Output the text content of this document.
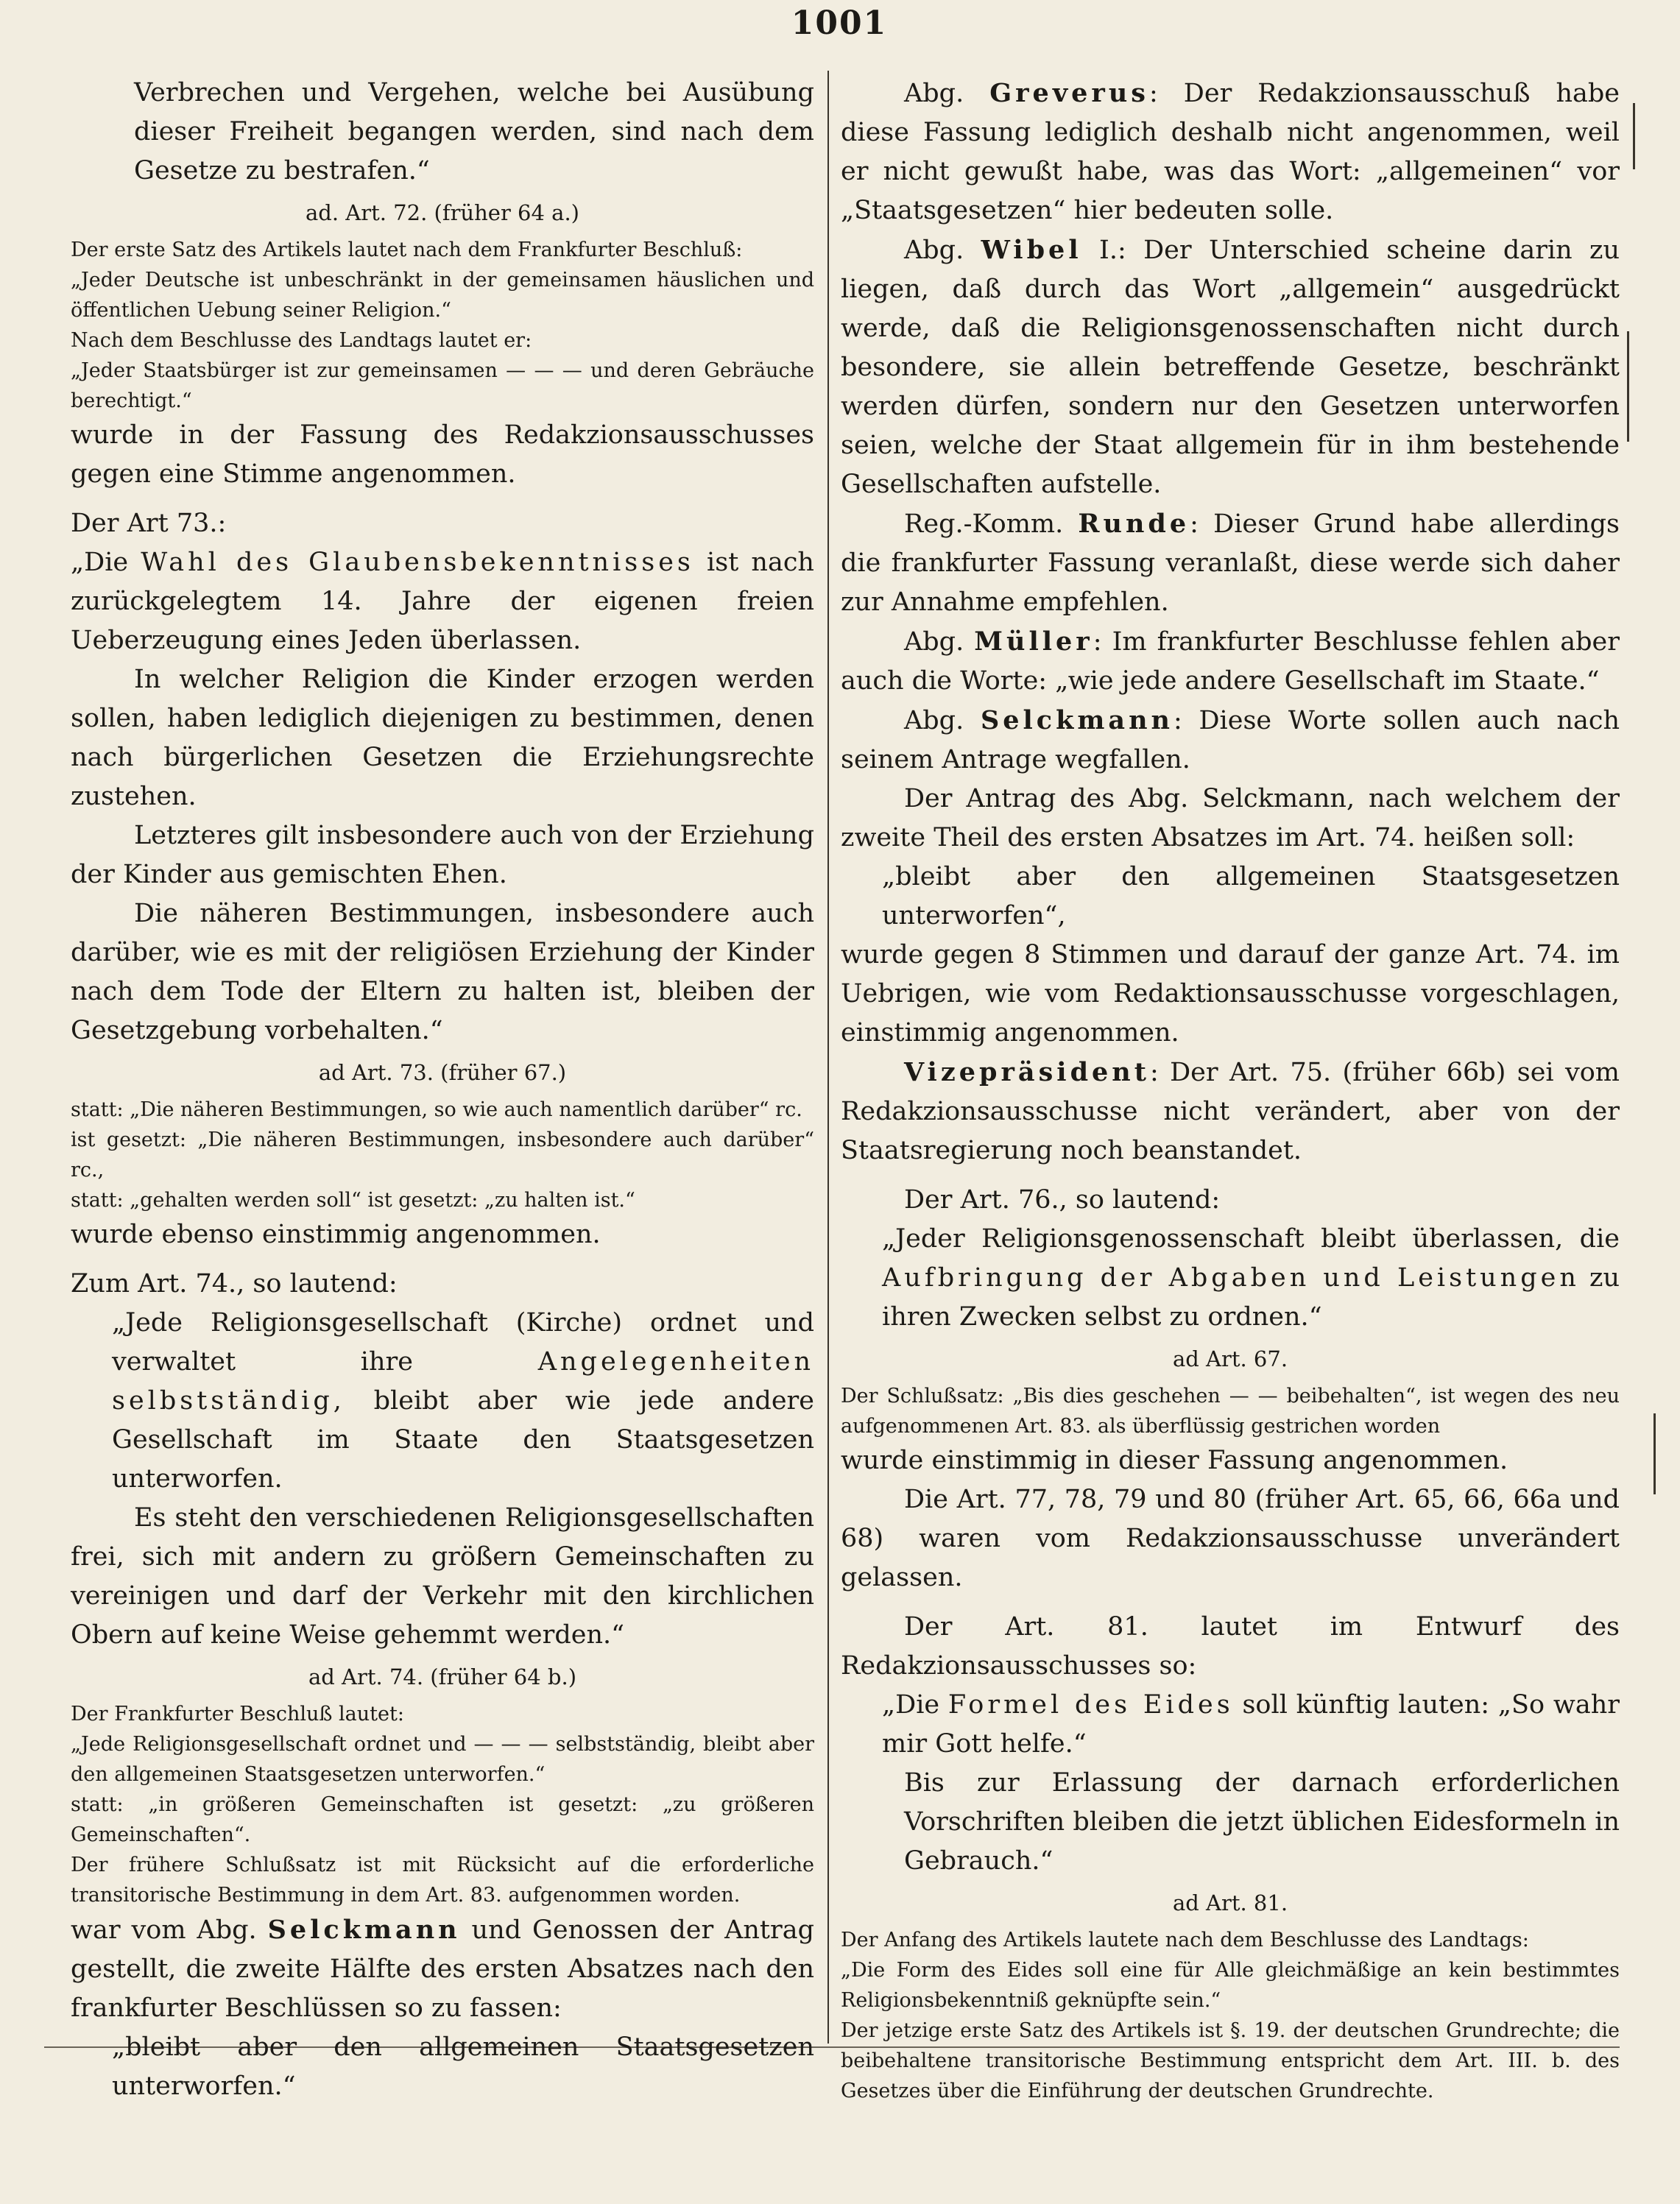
1001

Verbrechen und Vergehen, welche bei Ausübung dieser Freiheit begangen werden, sind nach dem Gesetze zu bestrafen.“

ad. Art. 72. (früher 64 a.)

Der erste Satz des Artikels lautet nach dem Frankfurter Beschluß:

„Jeder Deutsche ist unbeschränkt in der gemeinsamen häuslichen und öffentlichen Uebung seiner Religion.“

Nach dem Beschlusse des Landtags lautet er:

„Jeder Staatsbürger ist zur gemeinsamen — — — und deren Gebräuche berechtigt.“

wurde in der Fassung des Redakzionsausschusses gegen eine Stimme angenommen.

Der Art 73.:

„Die Wahl des Glaubensbekenntnisses ist nach zurückgelegtem 14. Jahre der eigenen freien Ueberzeugung eines Jeden überlassen.

In welcher Religion die Kinder erzogen werden sollen, haben lediglich diejenigen zu bestimmen, denen nach bürgerlichen Gesetzen die Erziehungsrechte zustehen.

Letzteres gilt insbesondere auch von der Erziehung der Kinder aus gemischten Ehen.

Die näheren Bestimmungen, insbesondere auch darüber, wie es mit der religiösen Erziehung der Kinder nach dem Tode der Eltern zu halten ist, bleiben der Gesetzgebung vorbehalten.“

ad Art. 73. (früher 67.)

statt: „Die näheren Bestimmungen, so wie auch namentlich darüber“ rc.

ist gesetzt: „Die näheren Bestimmungen, insbesondere auch darüber“ rc.,

statt: „gehalten werden soll“ ist gesetzt: „zu halten ist.“

wurde ebenso einstimmig angenommen.

Zum Art. 74., so lautend:

„Jede Religionsgesellschaft (Kirche) ordnet und verwaltet ihre	Angelegenheiten selbstständig, bleibt aber wie jede andere Gesellschaft im Staate den Staatsgesetzen unterworfen.

Es steht den verschiedenen Religionsgesellschaften frei, sich mit andern zu größern Gemeinschaften zu vereinigen und darf der Verkehr mit den kirchlichen Obern auf keine Weise gehemmt werden.“

ad Art. 74. (früher 64 b.)

Der Frankfurter Beschluß lautet:

„Jede Religionsgesellschaft ordnet und — — — selbstständig, bleibt aber den allgemeinen Staatsgesetzen unterworfen.“

statt: „in größeren Gemeinschaften ist gesetzt: „zu größeren Gemeinschaften“.

Der frühere Schlußsatz ist mit Rücksicht auf die erforderliche transitorische Bestimmung in dem Art. 83. aufgenommen worden.

war vom Abg. Selckmann und Genossen der Antrag gestellt, die zweite Hälfte des ersten Absatzes nach den frankfurter Beschlüssen so zu fassen:

„bleibt aber den allgemeinen Staatsgesetzen unterworfen.“

Abg. Greverus: Der Redakzionsausschuß habe diese Fassung lediglich deshalb nicht angenommen, weil er nicht gewußt habe, was das Wort: „allgemeinen“ vor „Staatsgesetzen“ hier bedeuten solle.

Abg. Wibel I.: Der Unterschied scheine darin zu liegen, daß durch das Wort „allgemein“ ausgedrückt werde, daß die Religionsgenossenschaften nicht durch besondere, sie allein betreffende Gesetze, beschränkt werden dürfen, sondern nur den Gesetzen unterworfen seien, welche der Staat allgemein für in ihm bestehende Gesellschaften aufstelle.

Reg.-Komm. Runde: Dieser Grund habe allerdings die frankfurter Fassung veranlaßt, diese werde sich daher zur Annahme empfehlen.

Abg. Müller: Im frankfurter Beschlusse fehlen aber auch die Worte: „wie jede andere Gesellschaft im Staate.“

Abg. Selckmann: Diese Worte sollen auch nach seinem Antrage wegfallen.

Der Antrag des Abg. Selckmann, nach welchem der zweite Theil des ersten Absatzes im Art. 74. heißen soll:

„bleibt aber den allgemeinen Staatsgesetzen unterworfen“,

wurde gegen 8 Stimmen und darauf der ganze Art. 74. im Uebrigen, wie vom Redaktionsausschusse vorgeschlagen, einstimmig angenommen.

Vizepräsident: Der Art. 75. (früher 66b) sei vom Redakzionsausschusse nicht verändert, aber von der Staatsregierung noch beanstandet.

Der Art. 76., so lautend:

„Jeder Religionsgenossenschaft bleibt überlassen, die Aufbringung der Abgaben und Leistungen zu ihren Zwecken selbst zu ordnen.“

ad Art. 67.

Der Schlußsatz: „Bis dies geschehen — — beibehalten“, ist wegen des neu aufgenommenen Art. 83. als überflüssig gestrichen worden

wurde einstimmig in dieser Fassung angenommen.

Die Art. 77, 78, 79 und 80 (früher Art. 65, 66, 66a und 68) waren vom Redakzionsausschusse unverändert gelassen.

Der Art. 81. lautet im Entwurf des Redakzionsausschusses so:

„Die Formel des Eides soll künftig lauten: „So wahr mir Gott helfe.“

Bis zur Erlassung der darnach erforderlichen Vorschriften bleiben die jetzt üblichen Eidesformeln in Gebrauch.“

ad Art. 81.

Der Anfang des Artikels lautete nach dem Beschlusse des Landtags:

„Die Form des Eides soll eine für Alle gleichmäßige an kein bestimmtes Religionsbekenntniß geknüpfte sein.“

Der jetzige erste Satz des Artikels ist §. 19. der deutschen Grundrechte; die beibehaltene transitorische Bestimmung entspricht dem Art. III. b. des Gesetzes über die Einführung der deutschen Grundrechte.
